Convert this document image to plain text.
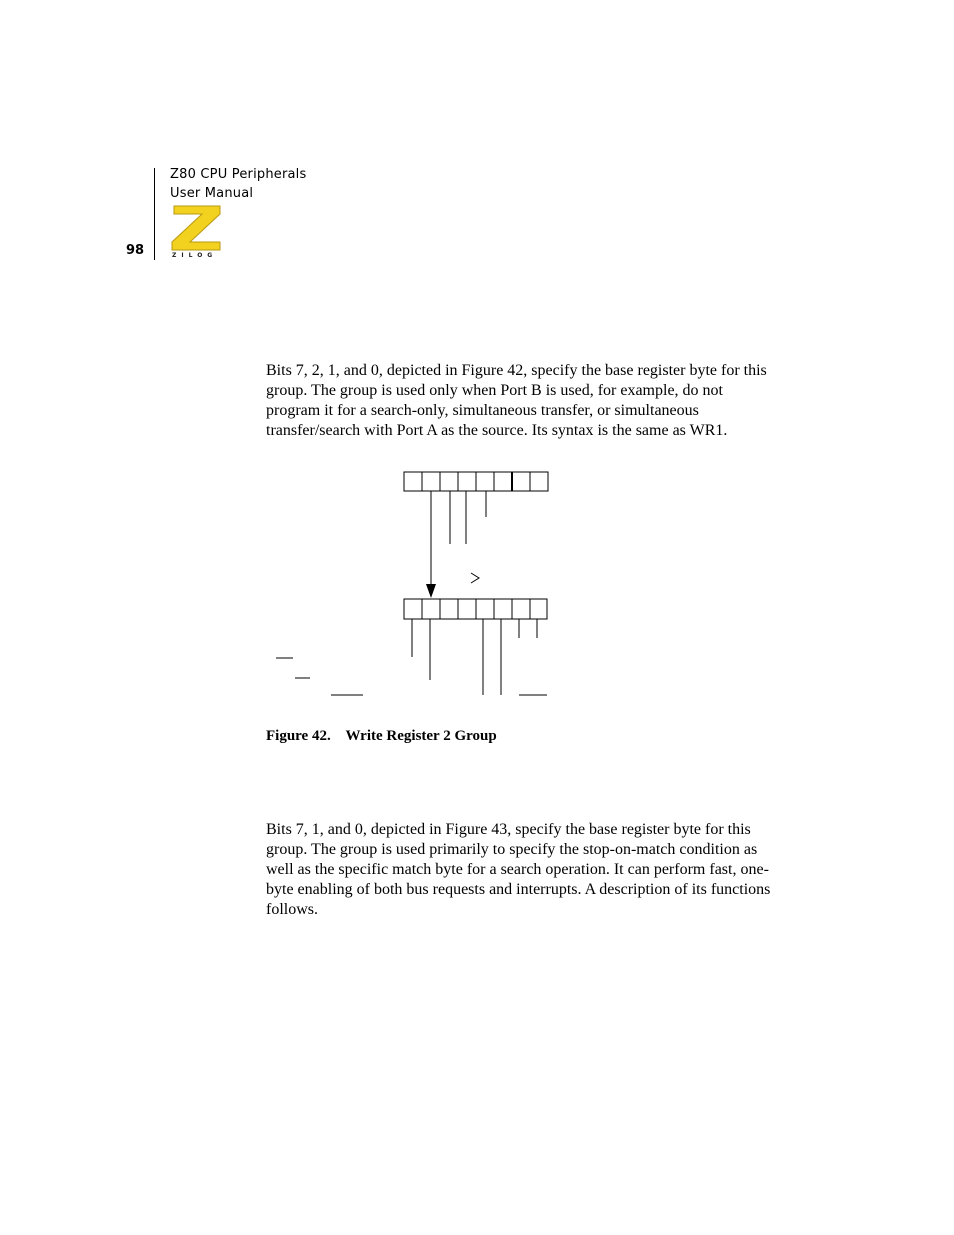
Z80 CPU Peripherals
User Manual
98	ZILOG

Bits 7, 2, 1, and 0, depicted in Figure 42, specify the base register byte for this group. The group is used only when Port B is used, for example, do not program it for a search-only, simultaneous transfer, or simultaneous transfer/search with Port A as the source. Its syntax is the same as WR1.

Figure 42. Write Register 2 Group

Bits 7, 1, and 0, depicted in Figure 43, specify the base register byte for this group. The group is used primarily to specify the stop-on-match condition as well as the specific match byte for a search operation. It can perform fast, one-byte enabling of both bus requests and interrupts. A description of its functions follows.
